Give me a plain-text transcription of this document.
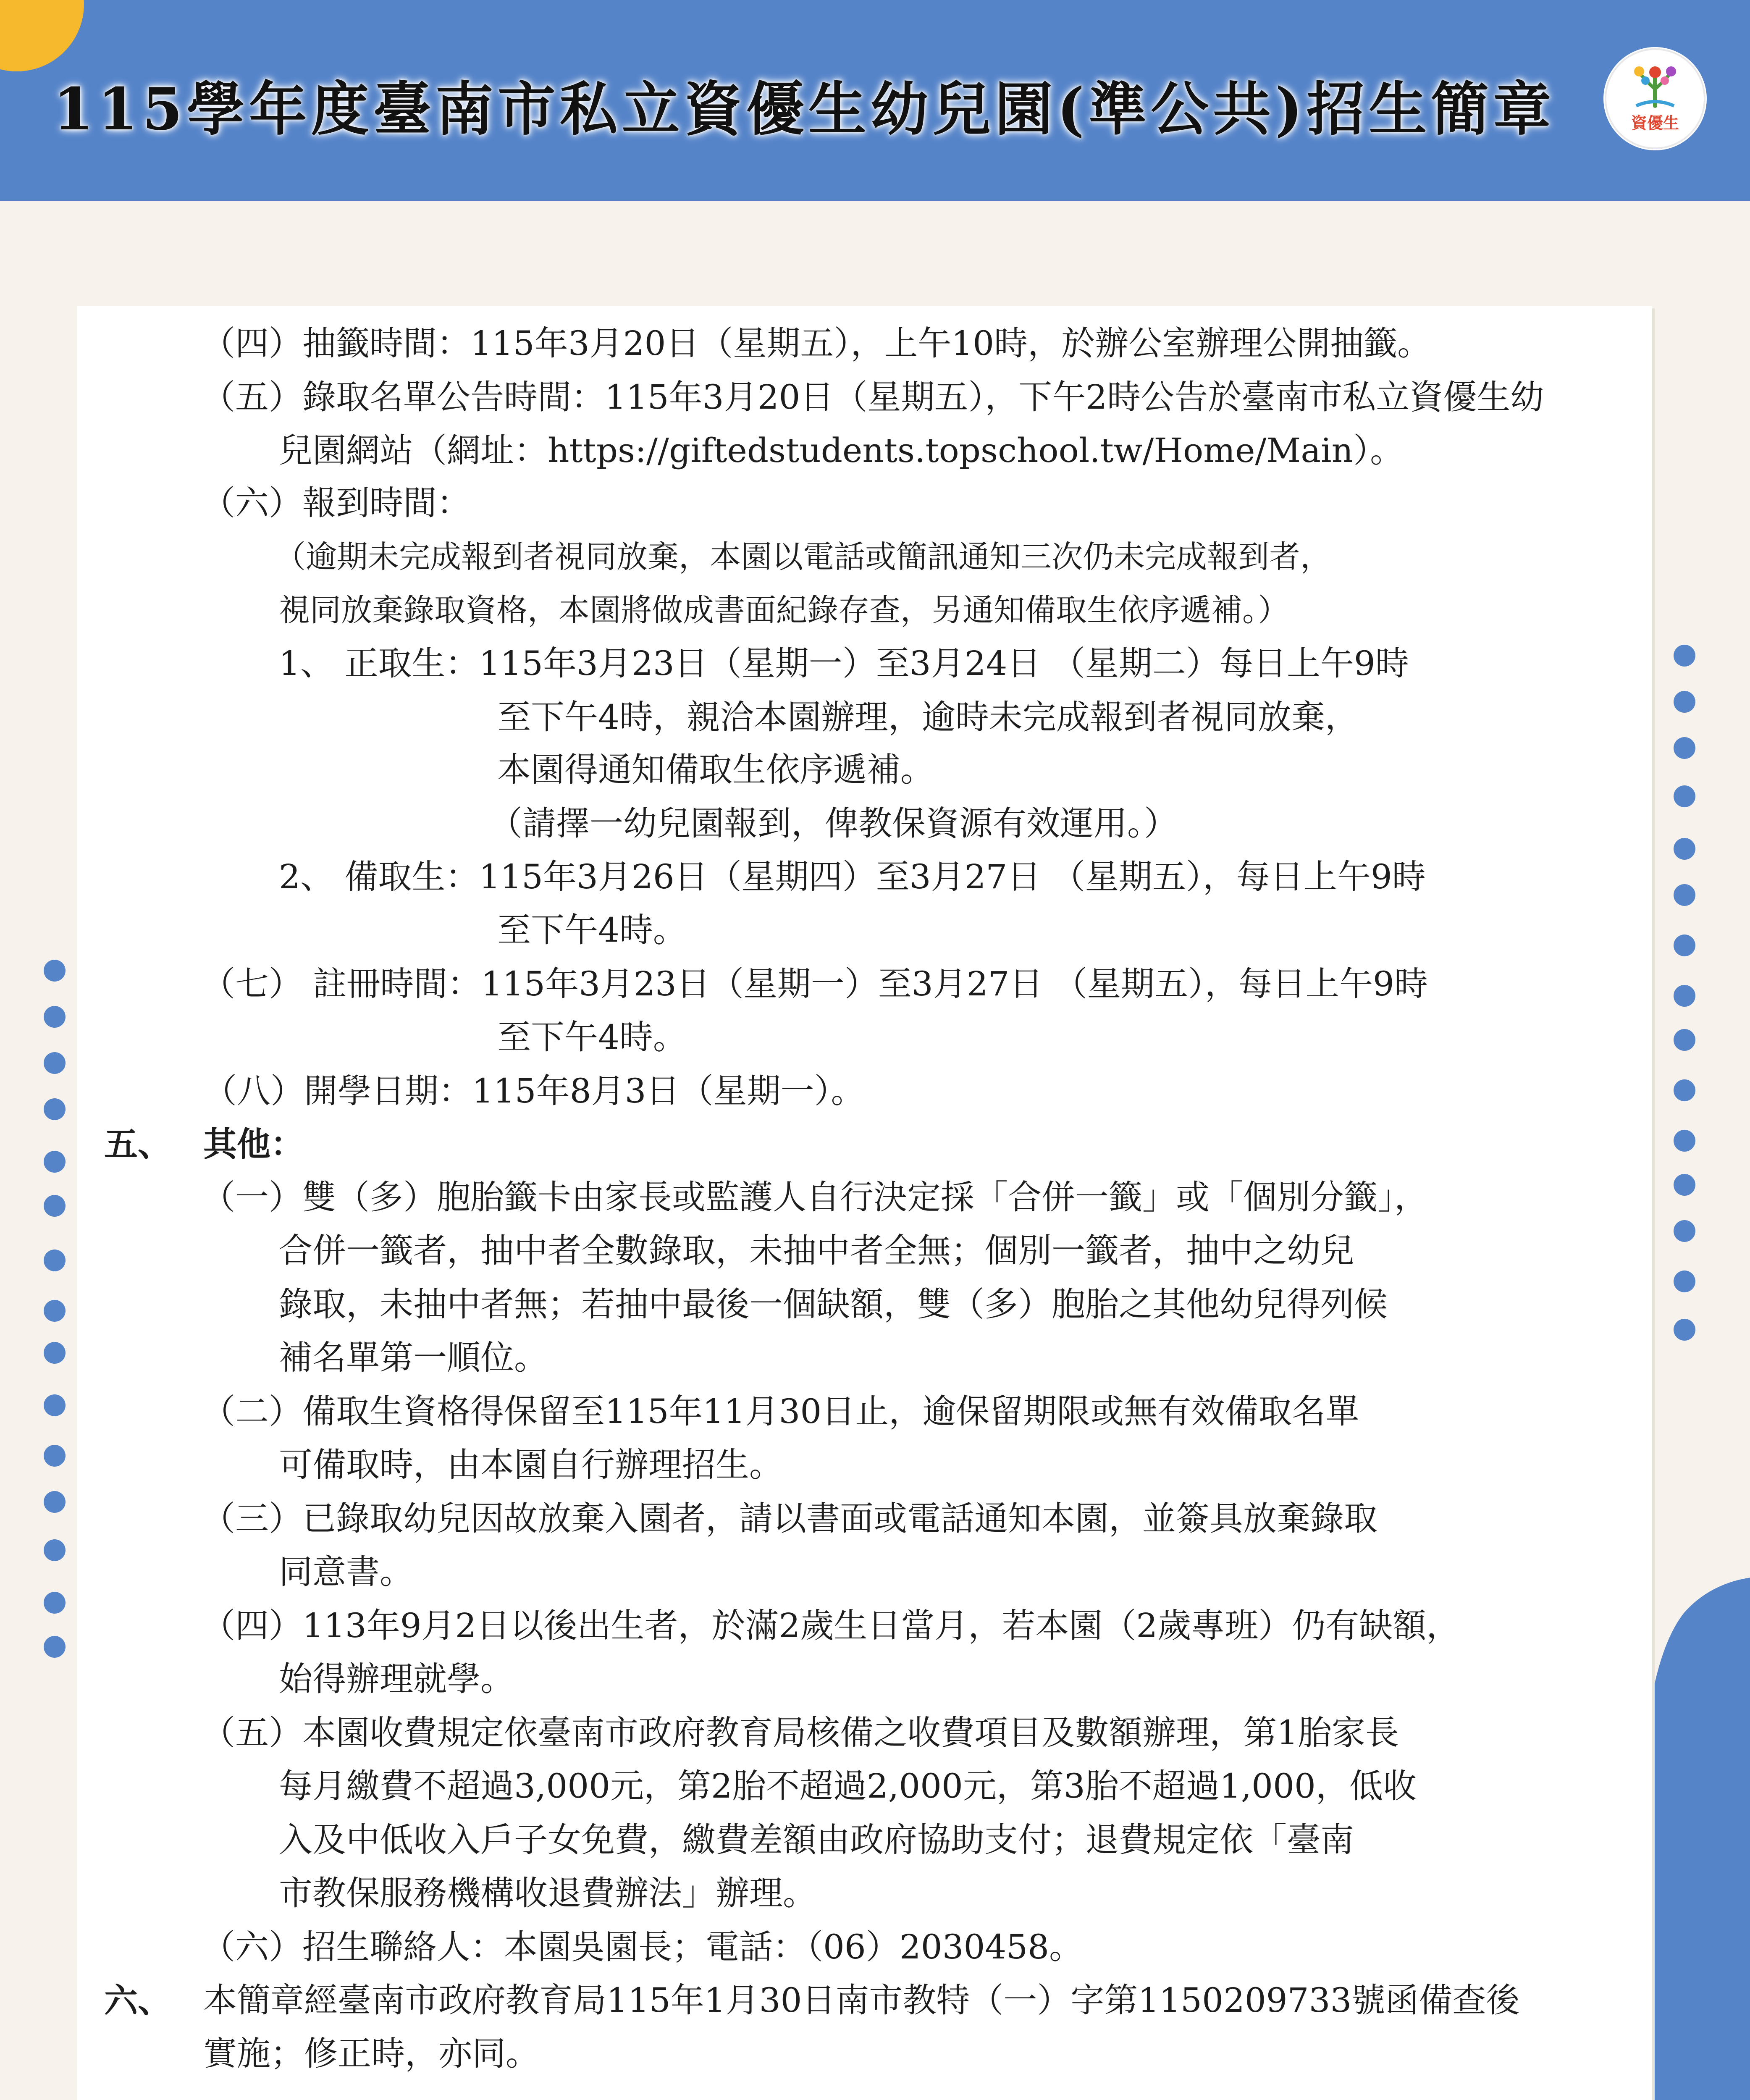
115學年度臺南市私立資優生幼兒園(準公共)招生簡章	資優生
（四）抽籤時間：115年3月20日（星期五），上午10時，於辦公室辦理公開抽籤。
（五）錄取名單公告時間：115年3月20日（星期五），下午2時公告於臺南市私立資優生幼
兒園網站（網址：https://giftedstudents.topschool.tw/Home/Main）。
（六）報到時間：
（逾期未完成報到者視同放棄，本園以電話或簡訊通知三次仍未完成報到者，
視同放棄錄取資格，本園將做成書面紀錄存查，另通知備取生依序遞補。）
1、 正取生：115年3月23日（星期一）至3月24日 （星期二）每日上午9時
至下午4時，親洽本園辦理，逾時未完成報到者視同放棄，
本園得通知備取生依序遞補。
（請擇一幼兒園報到，俾教保資源有效運用。）
2、 備取生：115年3月26日（星期四）至3月27日 （星期五），每日上午9時
至下午4時。
（七） 註冊時間：115年3月23日（星期一）至3月27日 （星期五），每日上午9時
至下午4時。
（八）開學日期：115年8月3日（星期一）。
五、 其他：
（一）雙（多）胞胎籤卡由家長或監護人自行決定採「合併一籤」或「個別分籤」，
合併一籤者，抽中者全數錄取，未抽中者全無；個別一籤者，抽中之幼兒
錄取，未抽中者無；若抽中最後一個缺額，雙（多）胞胎之其他幼兒得列候
補名單第一順位。
（二）備取生資格得保留至115年11月30日止，逾保留期限或無有效備取名單
可備取時，由本園自行辦理招生。
（三）已錄取幼兒因故放棄入園者，請以書面或電話通知本園，並簽具放棄錄取
同意書。
（四）113年9月2日以後出生者，於滿2歲生日當月，若本園（2歲專班）仍有缺額，
始得辦理就學。
（五）本園收費規定依臺南市政府教育局核備之收費項目及數額辦理，第1胎家長
每月繳費不超過3,000元，第2胎不超過2,000元，第3胎不超過1,000，低收
入及中低收入戶子女免費，繳費差額由政府協助支付；退費規定依「臺南
市教保服務機構收退費辦法」辦理。
（六）招生聯絡人：本園吳園長；電話：（06）2030458。
六、 本簡章經臺南市政府教育局115年1月30日南市教特（一）字第1150209733號函備查後
實施；修正時，亦同。
